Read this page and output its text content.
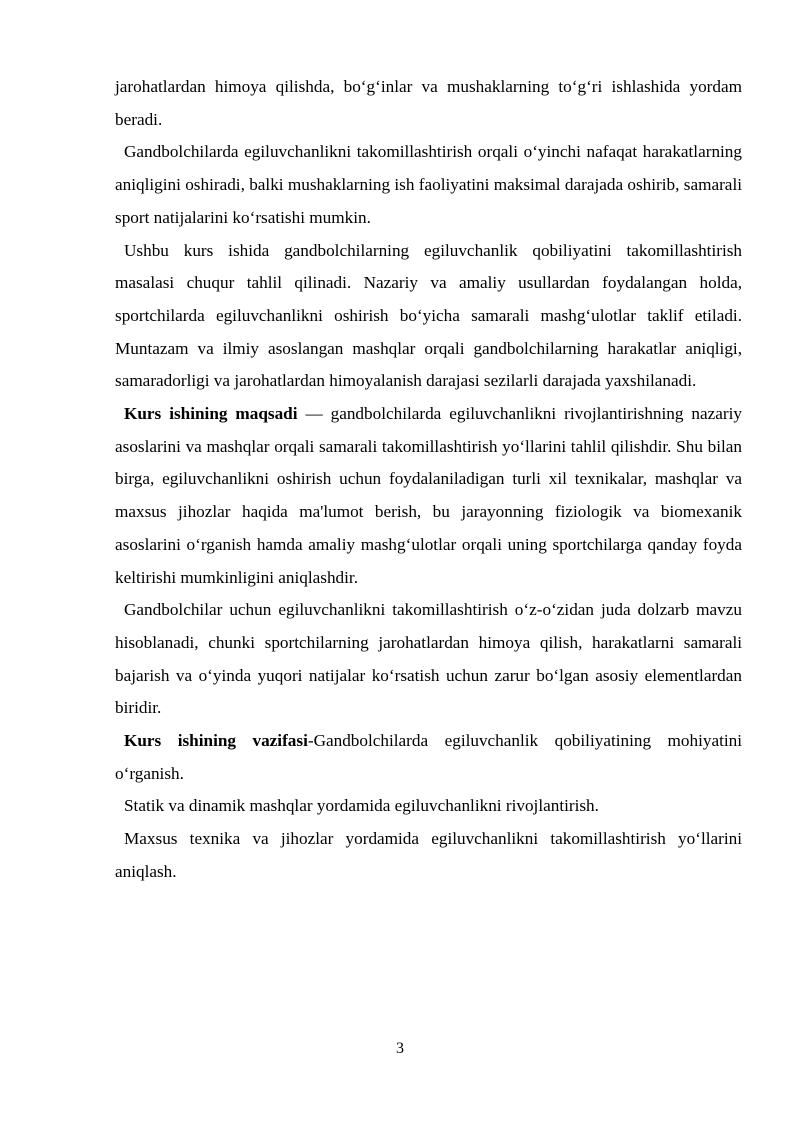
jarohatlardan himoya qilishda, bo‘g‘inlar va mushaklarning to‘g‘ri ishlashida yordam beradi.

Gandbolchilarda egiluvchanlikni takomillashtirish orqali o‘yinchi nafaqat harakatlarning aniqligini oshiradi, balki mushaklarning ish faoliyatini maksimal darajada oshirib, samarali sport natijalarini ko‘rsatishi mumkin.

Ushbu kurs ishida gandbolchilarning egiluvchanlik qobiliyatini takomillashtirish masalasi chuqur tahlil qilinadi. Nazariy va amaliy usullardan foydalangan holda, sportchilarda egiluvchanlikni oshirish bo‘yicha samarali mashg‘ulotlar taklif etiladi. Muntazam va ilmiy asoslangan mashqlar orqali gandbolchilarning harakatlar aniqligi, samaradorligi va jarohatlardan himoyalanish darajasi sezilarli darajada yaxshilanadi.

Kurs ishining maqsadi — gandbolchilarda egiluvchanlikni rivojlantirishning nazariy asoslarini va mashqlar orqali samarali takomillashtirish yo‘llarini tahlil qilishdir. Shu bilan birga, egiluvchanlikni oshirish uchun foydalaniladigan turli xil texnikalar, mashqlar va maxsus jihozlar haqida ma'lumot berish, bu jarayonning fiziologik va biomexanik asoslarini o‘rganish hamda amaliy mashg‘ulotlar orqali uning sportchilarga qanday foyda keltirishi mumkinligini aniqlashdir.

Gandbolchilar uchun egiluvchanlikni takomillashtirish o‘z-o‘zidan juda dolzarb mavzu hisoblanadi, chunki sportchilarning jarohatlardan himoya qilish, harakatlarni samarali bajarish va o‘yinda yuqori natijalar ko‘rsatish uchun zarur bo‘lgan asosiy elementlardan biridir.

Kurs ishining vazifasi-Gandbolchilarda egiluvchanlik qobiliyatining mohiyatini o‘rganish.

Statik va dinamik mashqlar yordamida egiluvchanlikni rivojlantirish.

Maxsus texnika va jihozlar yordamida egiluvchanlikni takomillashtirish yo‘llarini aniqlash.

3
